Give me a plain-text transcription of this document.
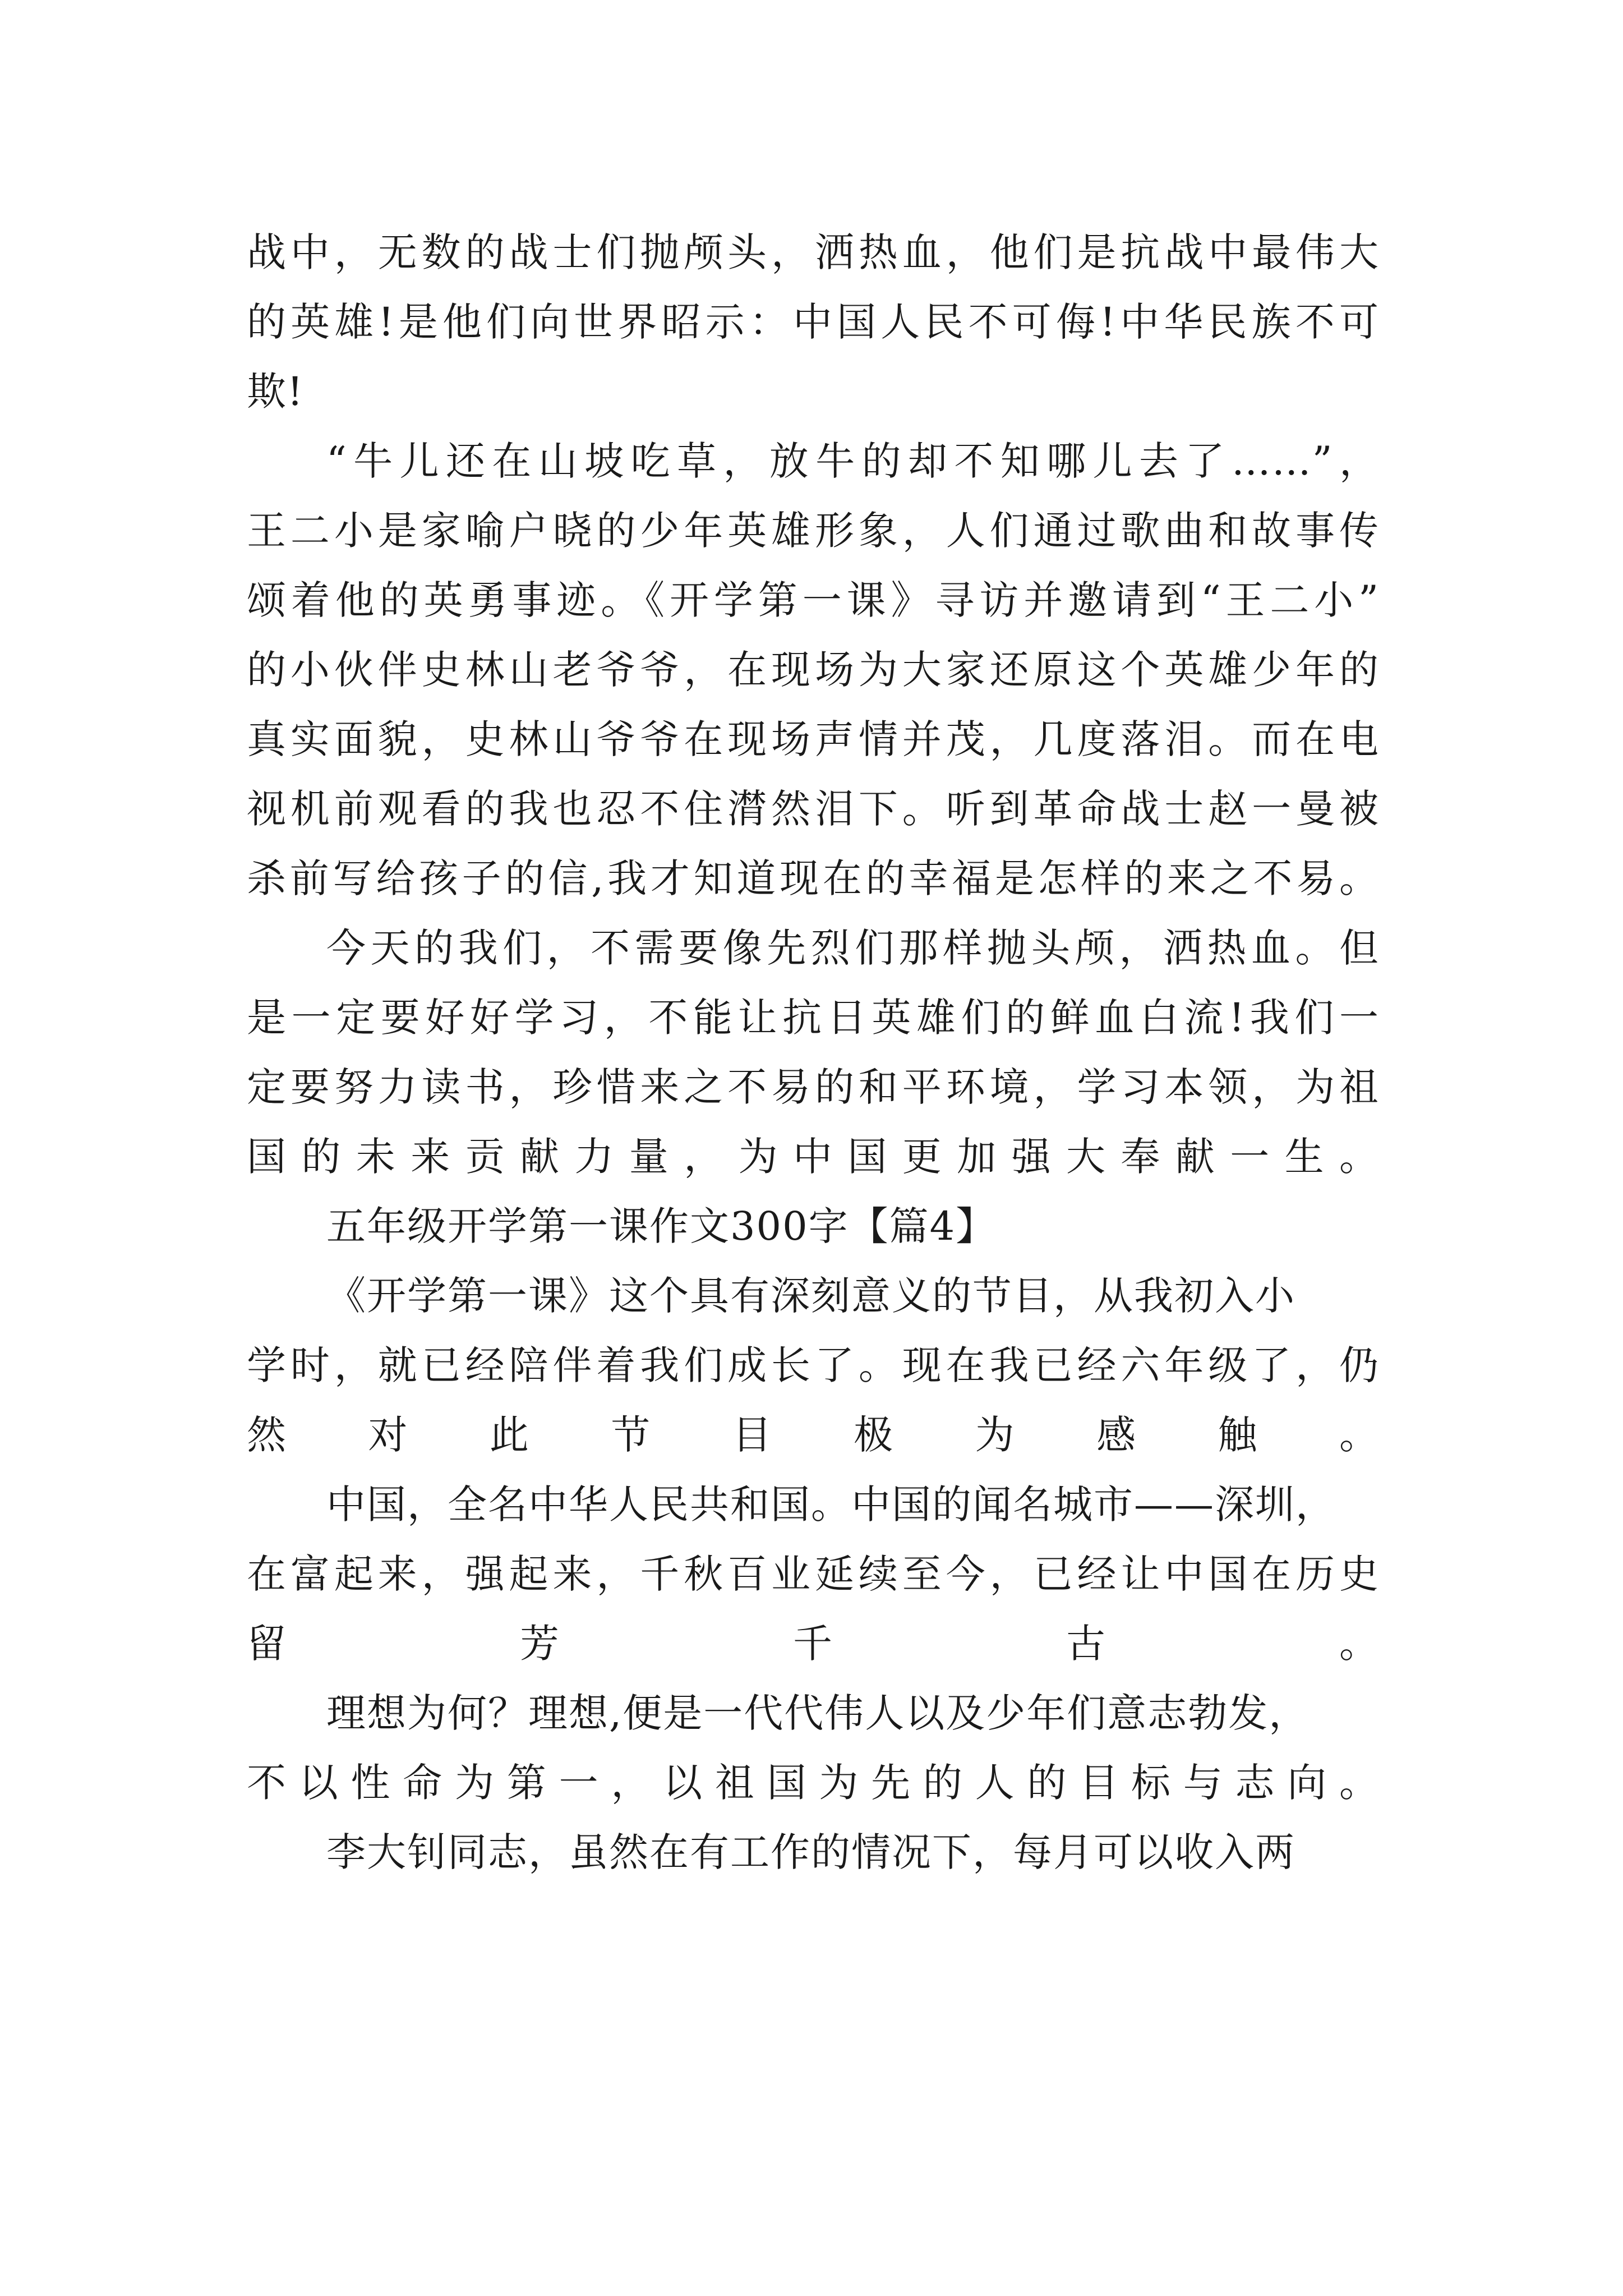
战中，无数的战士们抛颅头，洒热血，他们是抗战中最伟大
的英雄!是他们向世界昭示：中国人民不可侮!中华民族不可
欺!
“牛儿还在山坡吃草，放牛的却不知哪儿去了……”，
王二小是家喻户晓的少年英雄形象，人们通过歌曲和故事传
颂着他的英勇事迹。《开学第一课》寻访并邀请到“王二小”
的小伙伴史林山老爷爷，在现场为大家还原这个英雄少年的
真实面貌，史林山爷爷在现场声情并茂，几度落泪。而在电
视机前观看的我也忍不住潸然泪下。听到革命战士赵一曼被
杀前写给孩子的信,我才知道现在的幸福是怎样的来之不易。
今天的我们，不需要像先烈们那样抛头颅，洒热血。但
是一定要好好学习，不能让抗日英雄们的鲜血白流!我们一
定要努力读书，珍惜来之不易的和平环境，学习本领，为祖
国的未来贡献力量，为中国更加强大奉献一生。
五年级开学第一课作文300字【篇4】
《开学第一课》这个具有深刻意义的节目，从我初入小
学时，就已经陪伴着我们成长了。现在我已经六年级了，仍
然对此节目极为感触。
中国，全名中华人民共和国。中国的闻名城市——深圳，
在富起来，强起来，千秋百业延续至今，已经让中国在历史
留芳千古。
理想为何？理想,便是一代代伟人以及少年们意志勃发，
不以性命为第一，以祖国为先的人的目标与志向。
李大钊同志，虽然在有工作的情况下，每月可以收入两
